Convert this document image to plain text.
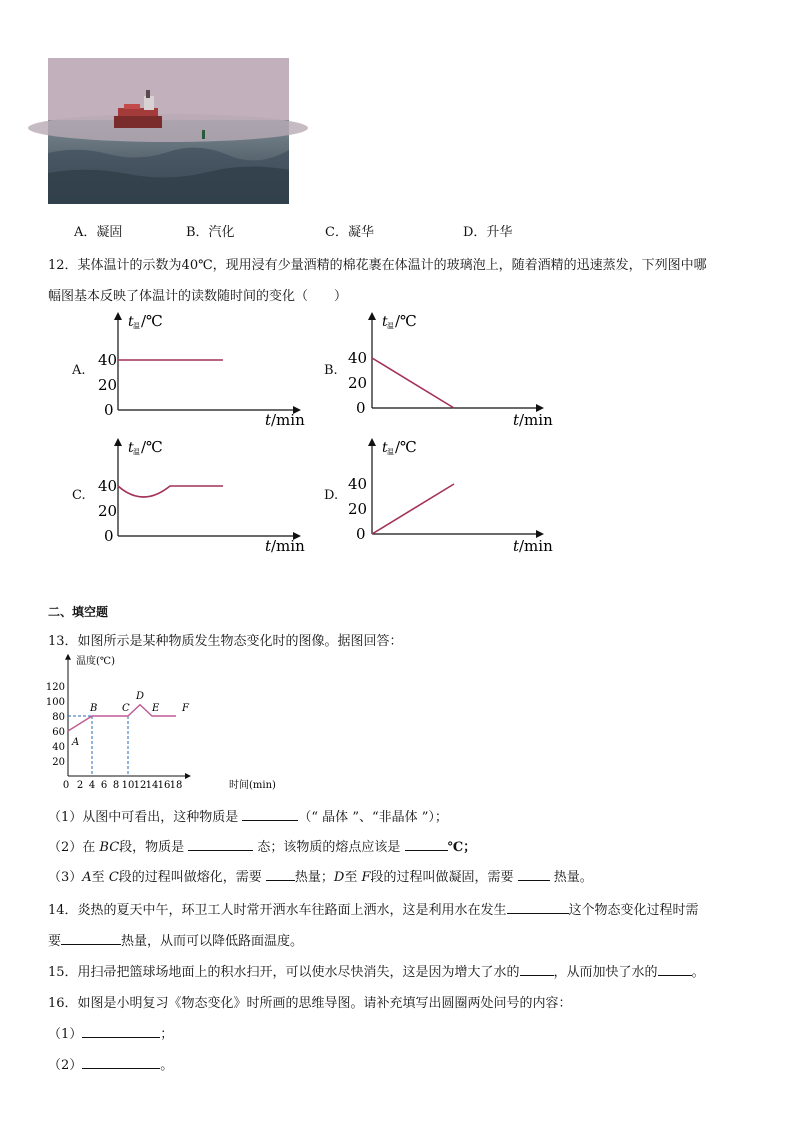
A．凝固	B．汽化	C．凝华	D．升华
12．某体温计的示数为40℃，现用浸有少量酒精的棉花裹在体温计的玻璃泡上，随着酒精的迅速蒸发，下列图中哪
幅图基本反映了体温计的读数随时间的变化（　　）
A.
t 温 /℃
40
20
0
t /min
B.
t 温 /℃
40
20
0
t /min
C.
t 温 /℃
40
20
0
t /min
D.
t 温 /℃
40
20
0
t /min
二、填空题
13．如图所示是某种物质发生物态变化时的图像。据图回答：
温度(℃)
时间(min)
120
100
80
60
40
20
0 2 4 6 8 10 12 14 16 18
A
B C
D
E F
（1）从图中可看出，这种物质是	（“ 晶体 ”、“非晶体 ”）；
（2）在 BC段，物质是	态；该物质的熔点应该是	℃；
（3）A至 C段的过程叫做熔化，需要 热量；D至 F段的过程叫做凝固，需要  热量。
14．炎热的夏天中午，环卫工人时常开洒水车往路面上洒水，这是利用水在发生	这个物态变化过程时需
要	热量，从而可以降低路面温度。
15．用扫帚把篮球场地面上的积水扫开，可以使水尽快消失，这是因为增大了水的	，从而加快了水的	。
16．如图是小明复习《物态变化》时所画的思维导图。请补充填写出圆圈两处问号的内容：
（1）	；
（2）	。
